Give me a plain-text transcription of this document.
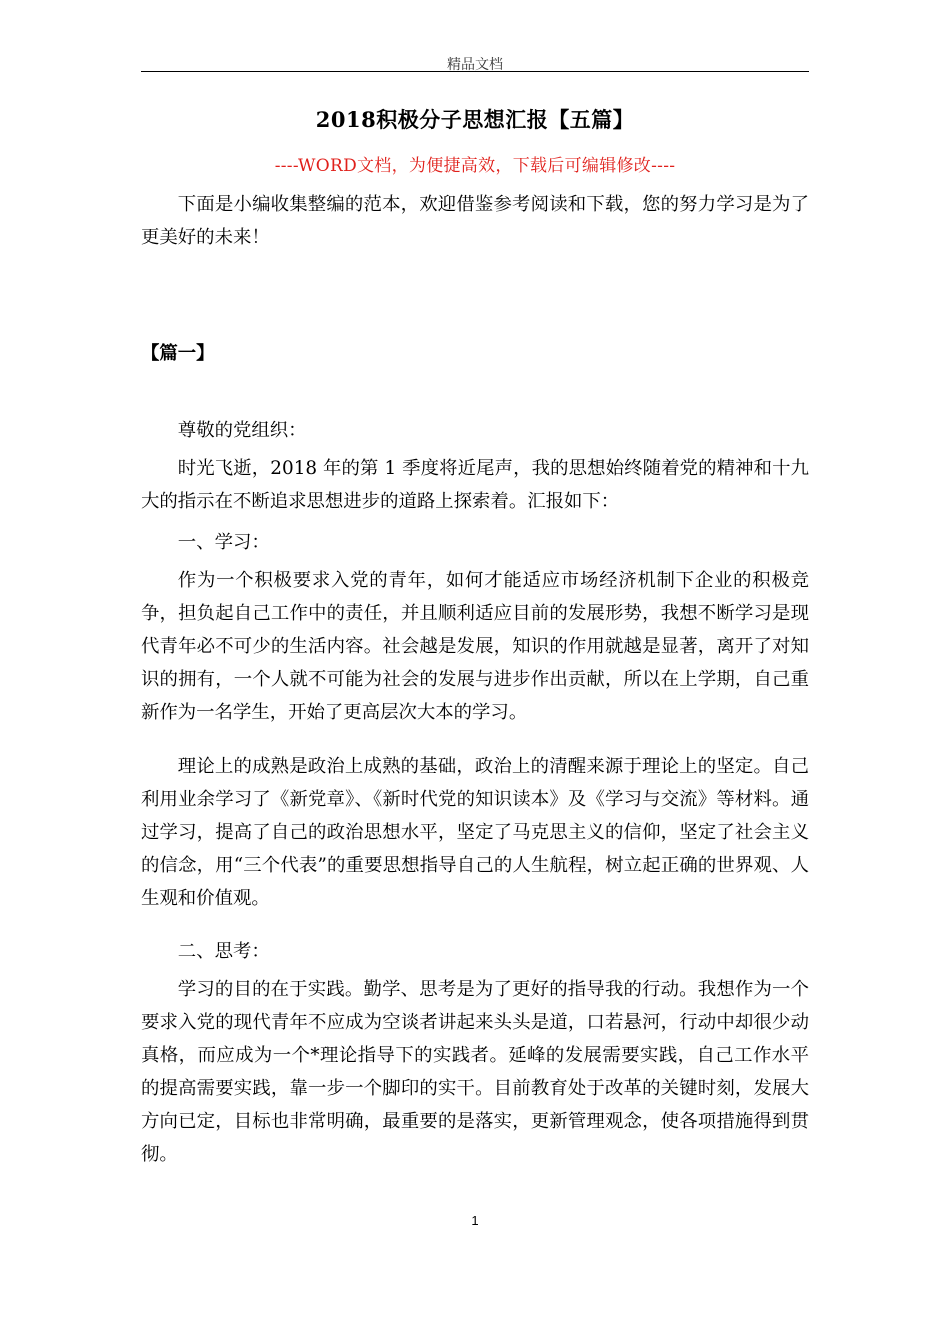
精品文档
2018积极分子思想汇报【五篇】
----WORD文档，为便捷高效，下载后可编辑修改----

下面是小编收集整编的范本，欢迎借鉴参考阅读和下载，您的努力学习是为了更美好的未来！

【篇一】

尊敬的党组织：

时光飞逝，2018 年的第 1 季度将近尾声，我的思想始终随着党的精神和十九大的指示在不断追求思想进步的道路上探索着。汇报如下：

一、学习：

作为一个积极要求入党的青年，如何才能适应市场经济机制下企业的积极竞争，担负起自己工作中的责任，并且顺利适应目前的发展形势，我想不断学习是现代青年必不可少的生活内容。社会越是发展，知识的作用就越是显著，离开了对知识的拥有，一个人就不可能为社会的发展与进步作出贡献，所以在上学期，自己重新作为一名学生，开始了更高层次大本的学习。

理论上的成熟是政治上成熟的基础，政治上的清醒来源于理论上的坚定。自己利用业余学习了《新党章》、《新时代党的知识读本》及《学习与交流》等材料。通过学习，提高了自己的政治思想水平，坚定了马克思主义的信仰，坚定了社会主义的信念，用“三个代表”的重要思想指导自己的人生航程，树立起正确的世界观、人生观和价值观。

二、思考：

学习的目的在于实践。勤学、思考是为了更好的指导我的行动。我想作为一个要求入党的现代青年不应成为空谈者讲起来头头是道，口若悬河，行动中却很少动真格，而应成为一个*理论指导下的实践者。延峰的发展需要实践，自己工作水平的提高需要实践，靠一步一个脚印的实干。目前教育处于改革的关键时刻，发展大方向已定，目标也非常明确，最重要的是落实，更新管理观念，使各项措施得到贯彻。

1
